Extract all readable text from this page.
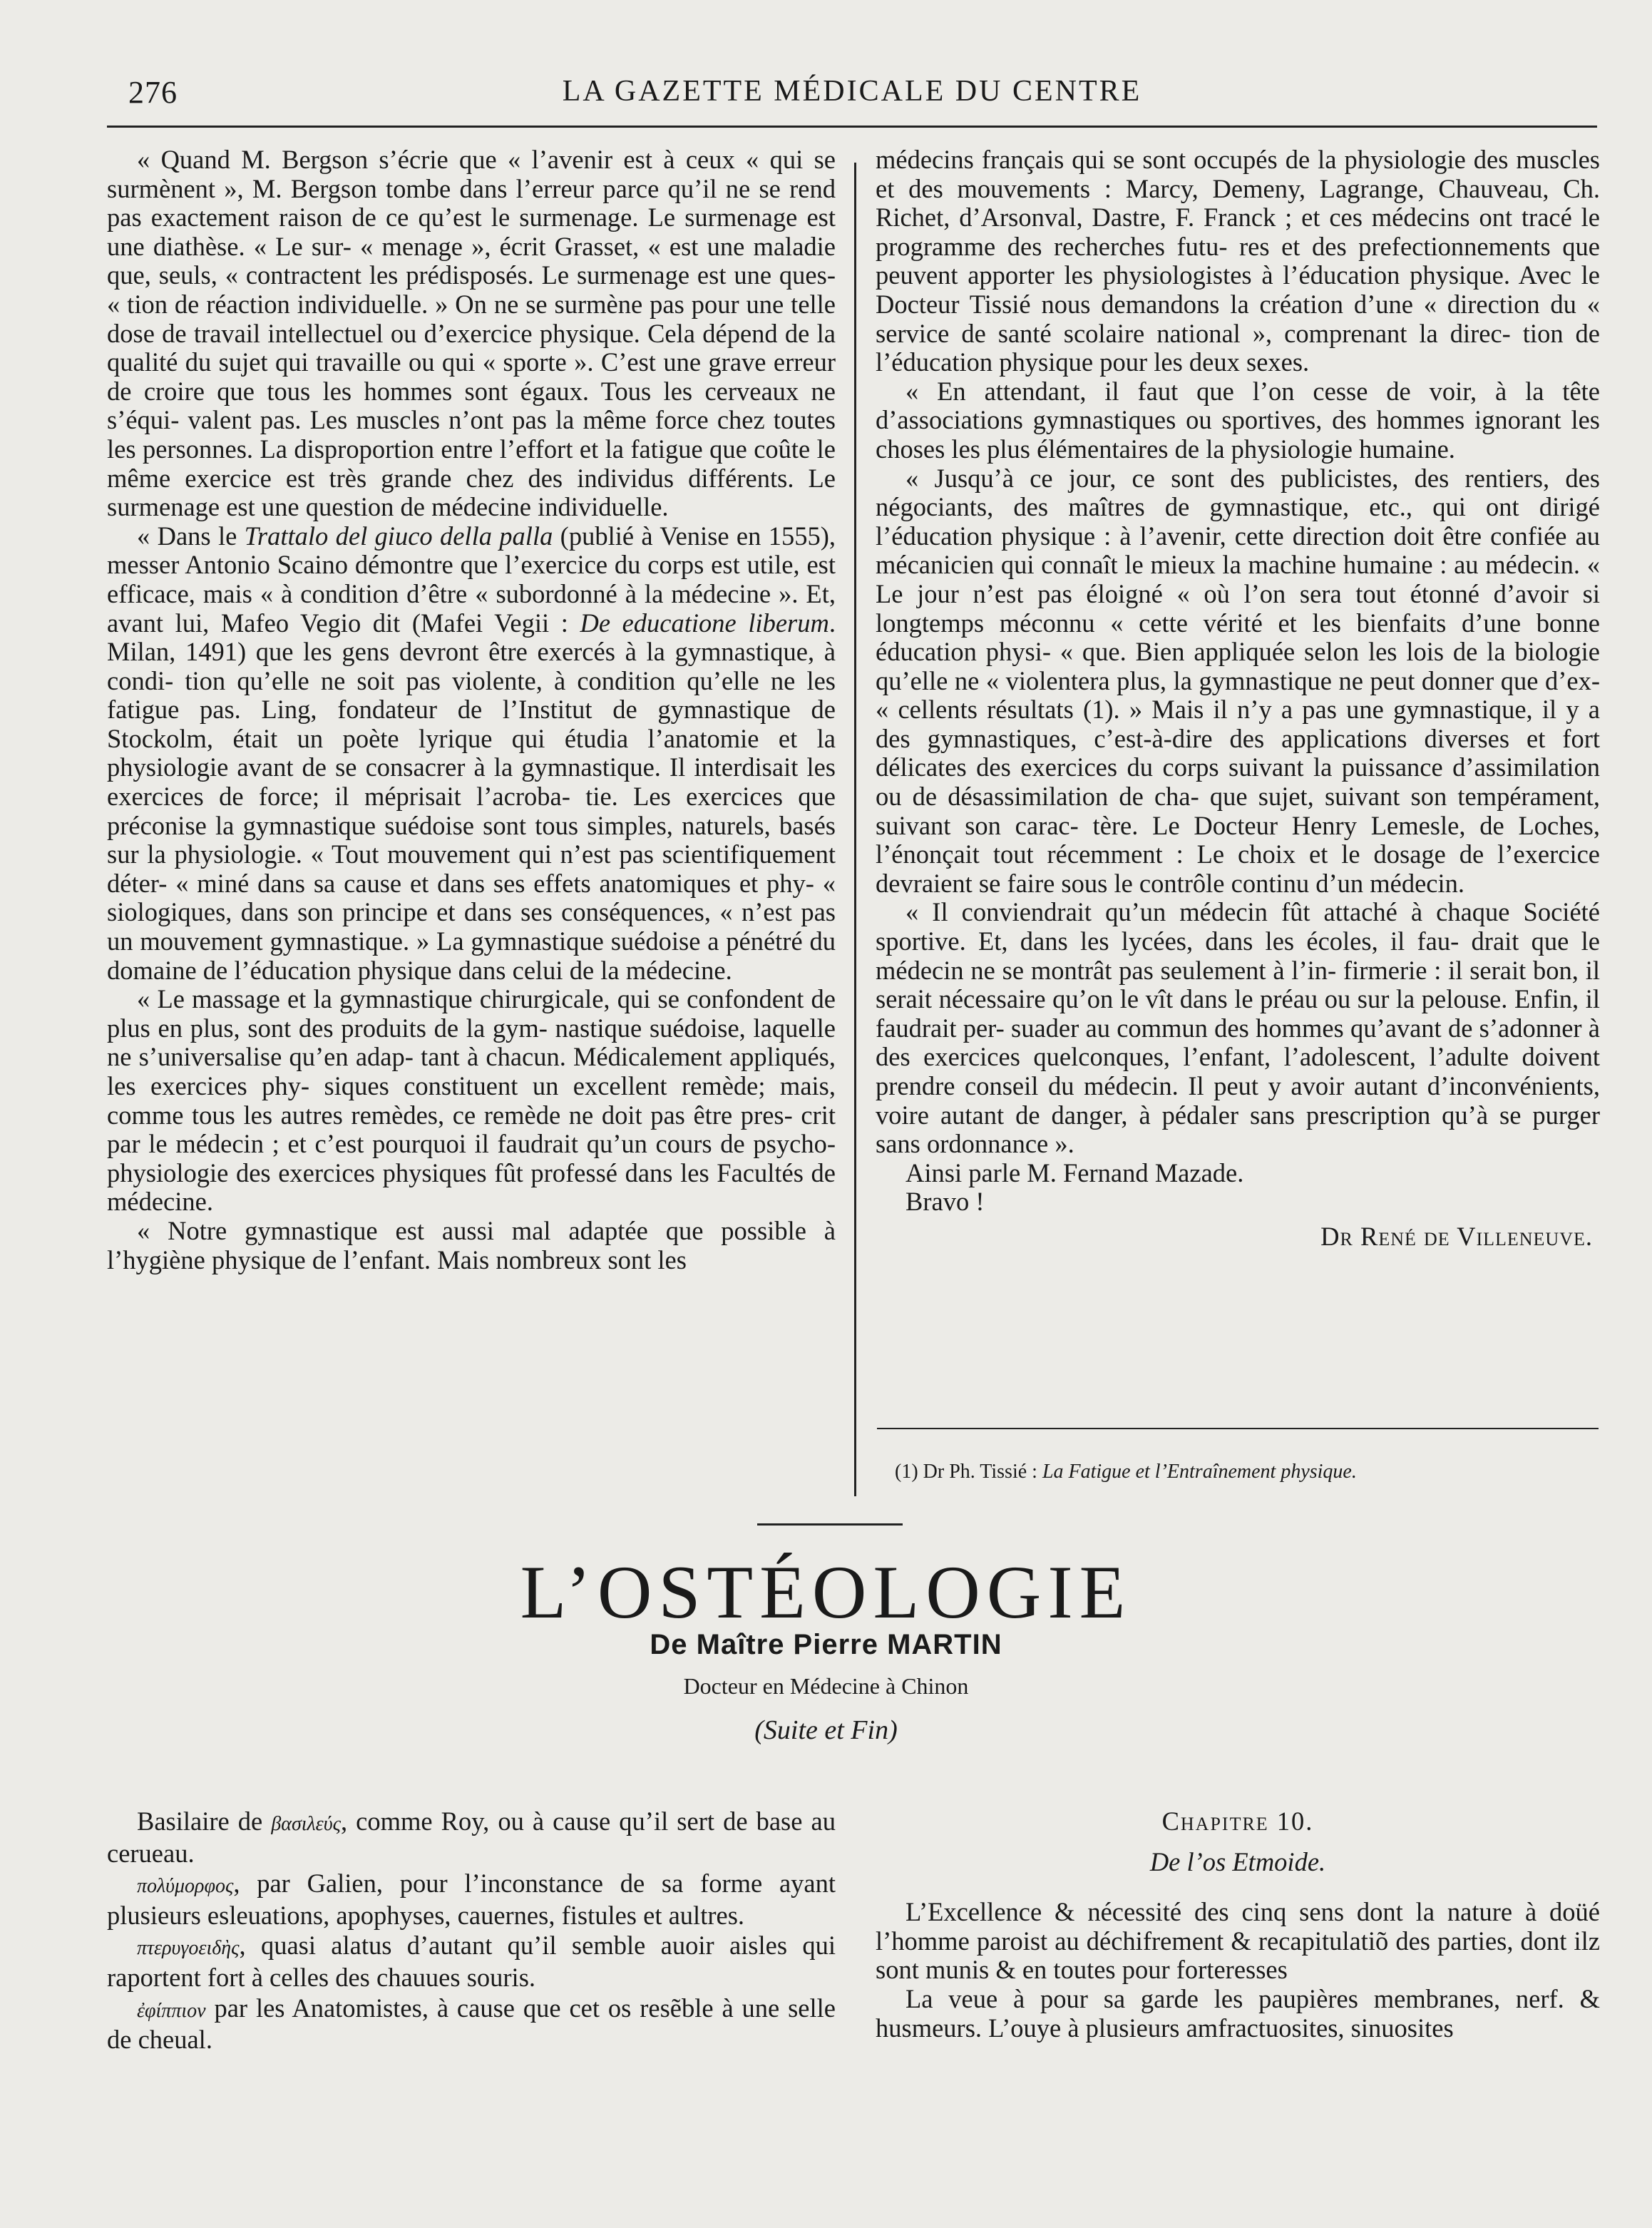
276	LA GAZETTE MÉDICALE DU CENTRE

« Quand M. Bergson s’écrie que « l’avenir est à ceux « qui se surmènent », M. Bergson tombe dans l’erreur parce qu’il ne se rend pas exactement raison de ce qu’est le surmenage. Le surmenage est une diathèse. « Le sur- « menage », écrit Grasset, « est une maladie que, seuls, « contractent les prédisposés. Le surmenage est une ques- « tion de réaction individuelle. » On ne se surmène pas pour une telle dose de travail intellectuel ou d’exercice physique. Cela dépend de la qualité du sujet qui travaille ou qui « sporte ». C’est une grave erreur de croire que tous les hommes sont égaux. Tous les cerveaux ne s’équi- valent pas. Les muscles n’ont pas la même force chez toutes les personnes. La disproportion entre l’effort et la fatigue que coûte le même exercice est très grande chez des individus différents. Le surmenage est une question de médecine individuelle.

« Dans le Trattalo del giuco della palla (publié à Venise en 1555), messer Antonio Scaino démontre que l’exercice du corps est utile, est efficace, mais « à condition d’être « subordonné à la médecine ». Et, avant lui, Mafeo Vegio dit (Mafei Vegii : De educatione liberum. Milan, 1491) que les gens devront être exercés à la gymnastique, à condi- tion qu’elle ne soit pas violente, à condition qu’elle ne les fatigue pas. Ling, fondateur de l’Institut de gymnastique de Stockolm, était un poète lyrique qui étudia l’anatomie et la physiologie avant de se consacrer à la gymnastique. Il interdisait les exercices de force; il méprisait l’acroba- tie. Les exercices que préconise la gymnastique suédoise sont tous simples, naturels, basés sur la physiologie. « Tout mouvement qui n’est pas scientifiquement déter- « miné dans sa cause et dans ses effets anatomiques et phy- « siologiques, dans son principe et dans ses conséquences, « n’est pas un mouvement gymnastique. » La gymnastique suédoise a pénétré du domaine de l’éducation physique dans celui de la médecine.

« Le massage et la gymnastique chirurgicale, qui se confondent de plus en plus, sont des produits de la gym- nastique suédoise, laquelle ne s’universalise qu’en adap- tant à chacun. Médicalement appliqués, les exercices phy- siques constituent un excellent remède; mais, comme tous les autres remèdes, ce remède ne doit pas être pres- crit par le médecin ; et c’est pourquoi il faudrait qu’un cours de psycho-physiologie des exercices physiques fût professé dans les Facultés de médecine.

« Notre gymnastique est aussi mal adaptée que possible à l’hygiène physique de l’enfant. Mais nombreux sont les

médecins français qui se sont occupés de la physiologie des muscles et des mouvements : Marcy, Demeny, Lagrange, Chauveau, Ch. Richet, d’Arsonval, Dastre, F. Franck ; et ces médecins ont tracé le programme des recherches futu- res et des prefectionnements que peuvent apporter les physiologistes à l’éducation physique. Avec le Docteur Tissié nous demandons la création d’une « direction du « service de santé scolaire national », comprenant la direc- tion de l’éducation physique pour les deux sexes.

« En attendant, il faut que l’on cesse de voir, à la tête d’associations gymnastiques ou sportives, des hommes ignorant les choses les plus élémentaires de la physiologie humaine.

« Jusqu’à ce jour, ce sont des publicistes, des rentiers, des négociants, des maîtres de gymnastique, etc., qui ont dirigé l’éducation physique : à l’avenir, cette direction doit être confiée au mécanicien qui connaît le mieux la machine humaine : au médecin. « Le jour n’est pas éloigné « où l’on sera tout étonné d’avoir si longtemps méconnu « cette vérité et les bienfaits d’une bonne éducation physi- « que. Bien appliquée selon les lois de la biologie qu’elle ne « violentera plus, la gymnastique ne peut donner que d’ex- « cellents résultats (1). » Mais il n’y a pas une gymnastique, il y a des gymnastiques, c’est-à-dire des applications diverses et fort délicates des exercices du corps suivant la puissance d’assimilation ou de désassimilation de cha- que sujet, suivant son tempérament, suivant son carac- tère. Le Docteur Henry Lemesle, de Loches, l’énonçait tout récemment : Le choix et le dosage de l’exercice devraient se faire sous le contrôle continu d’un médecin.

« Il conviendrait qu’un médecin fût attaché à chaque Société sportive. Et, dans les lycées, dans les écoles, il fau- drait que le médecin ne se montrât pas seulement à l’in- firmerie : il serait bon, il serait nécessaire qu’on le vît dans le préau ou sur la pelouse. Enfin, il faudrait per- suader au commun des hommes qu’avant de s’adonner à des exercices quelconques, l’enfant, l’adolescent, l’adulte doivent prendre conseil du médecin. Il peut y avoir autant d’inconvénients, voire autant de danger, à pédaler sans prescription qu’à se purger sans ordonnance ».

Ainsi parle M. Fernand Mazade.

Bravo !

Dr René de Villeneuve.

(1) Dr Ph. Tissié : La Fatigue et l’Entraînement physique.
L’OSTÉOLOGIE
De Maître Pierre MARTIN
Docteur en Médecine à Chinon
(Suite et Fin)

Basilaire de βασιλεύς, comme Roy, ou à cause qu’il sert de base au cerueau.

πολύμορφος, par Galien, pour l’inconstance de sa forme ayant plusieurs esleuations, apophyses, cauernes, fistules et aultres.

πτερυγοειδὴς, quasi alatus d’autant qu’il semble auoir aisles qui raportent fort à celles des chauues souris.

ἐφίππιον par les Anatomistes, à cause que cet os resẽble à une selle de cheual.

Chapitre 10.

De l’os Etmoide.

L’Excellence & nécessité des cinq sens dont la nature à doüé l’homme paroist au déchifrement & recapitulatiõ des parties, dont ilz sont munis & en toutes pour forteresses

La veue à pour sa garde les paupières membranes, nerf. & husmeurs. L’ouye à plusieurs amfractuosites, sinuosites
